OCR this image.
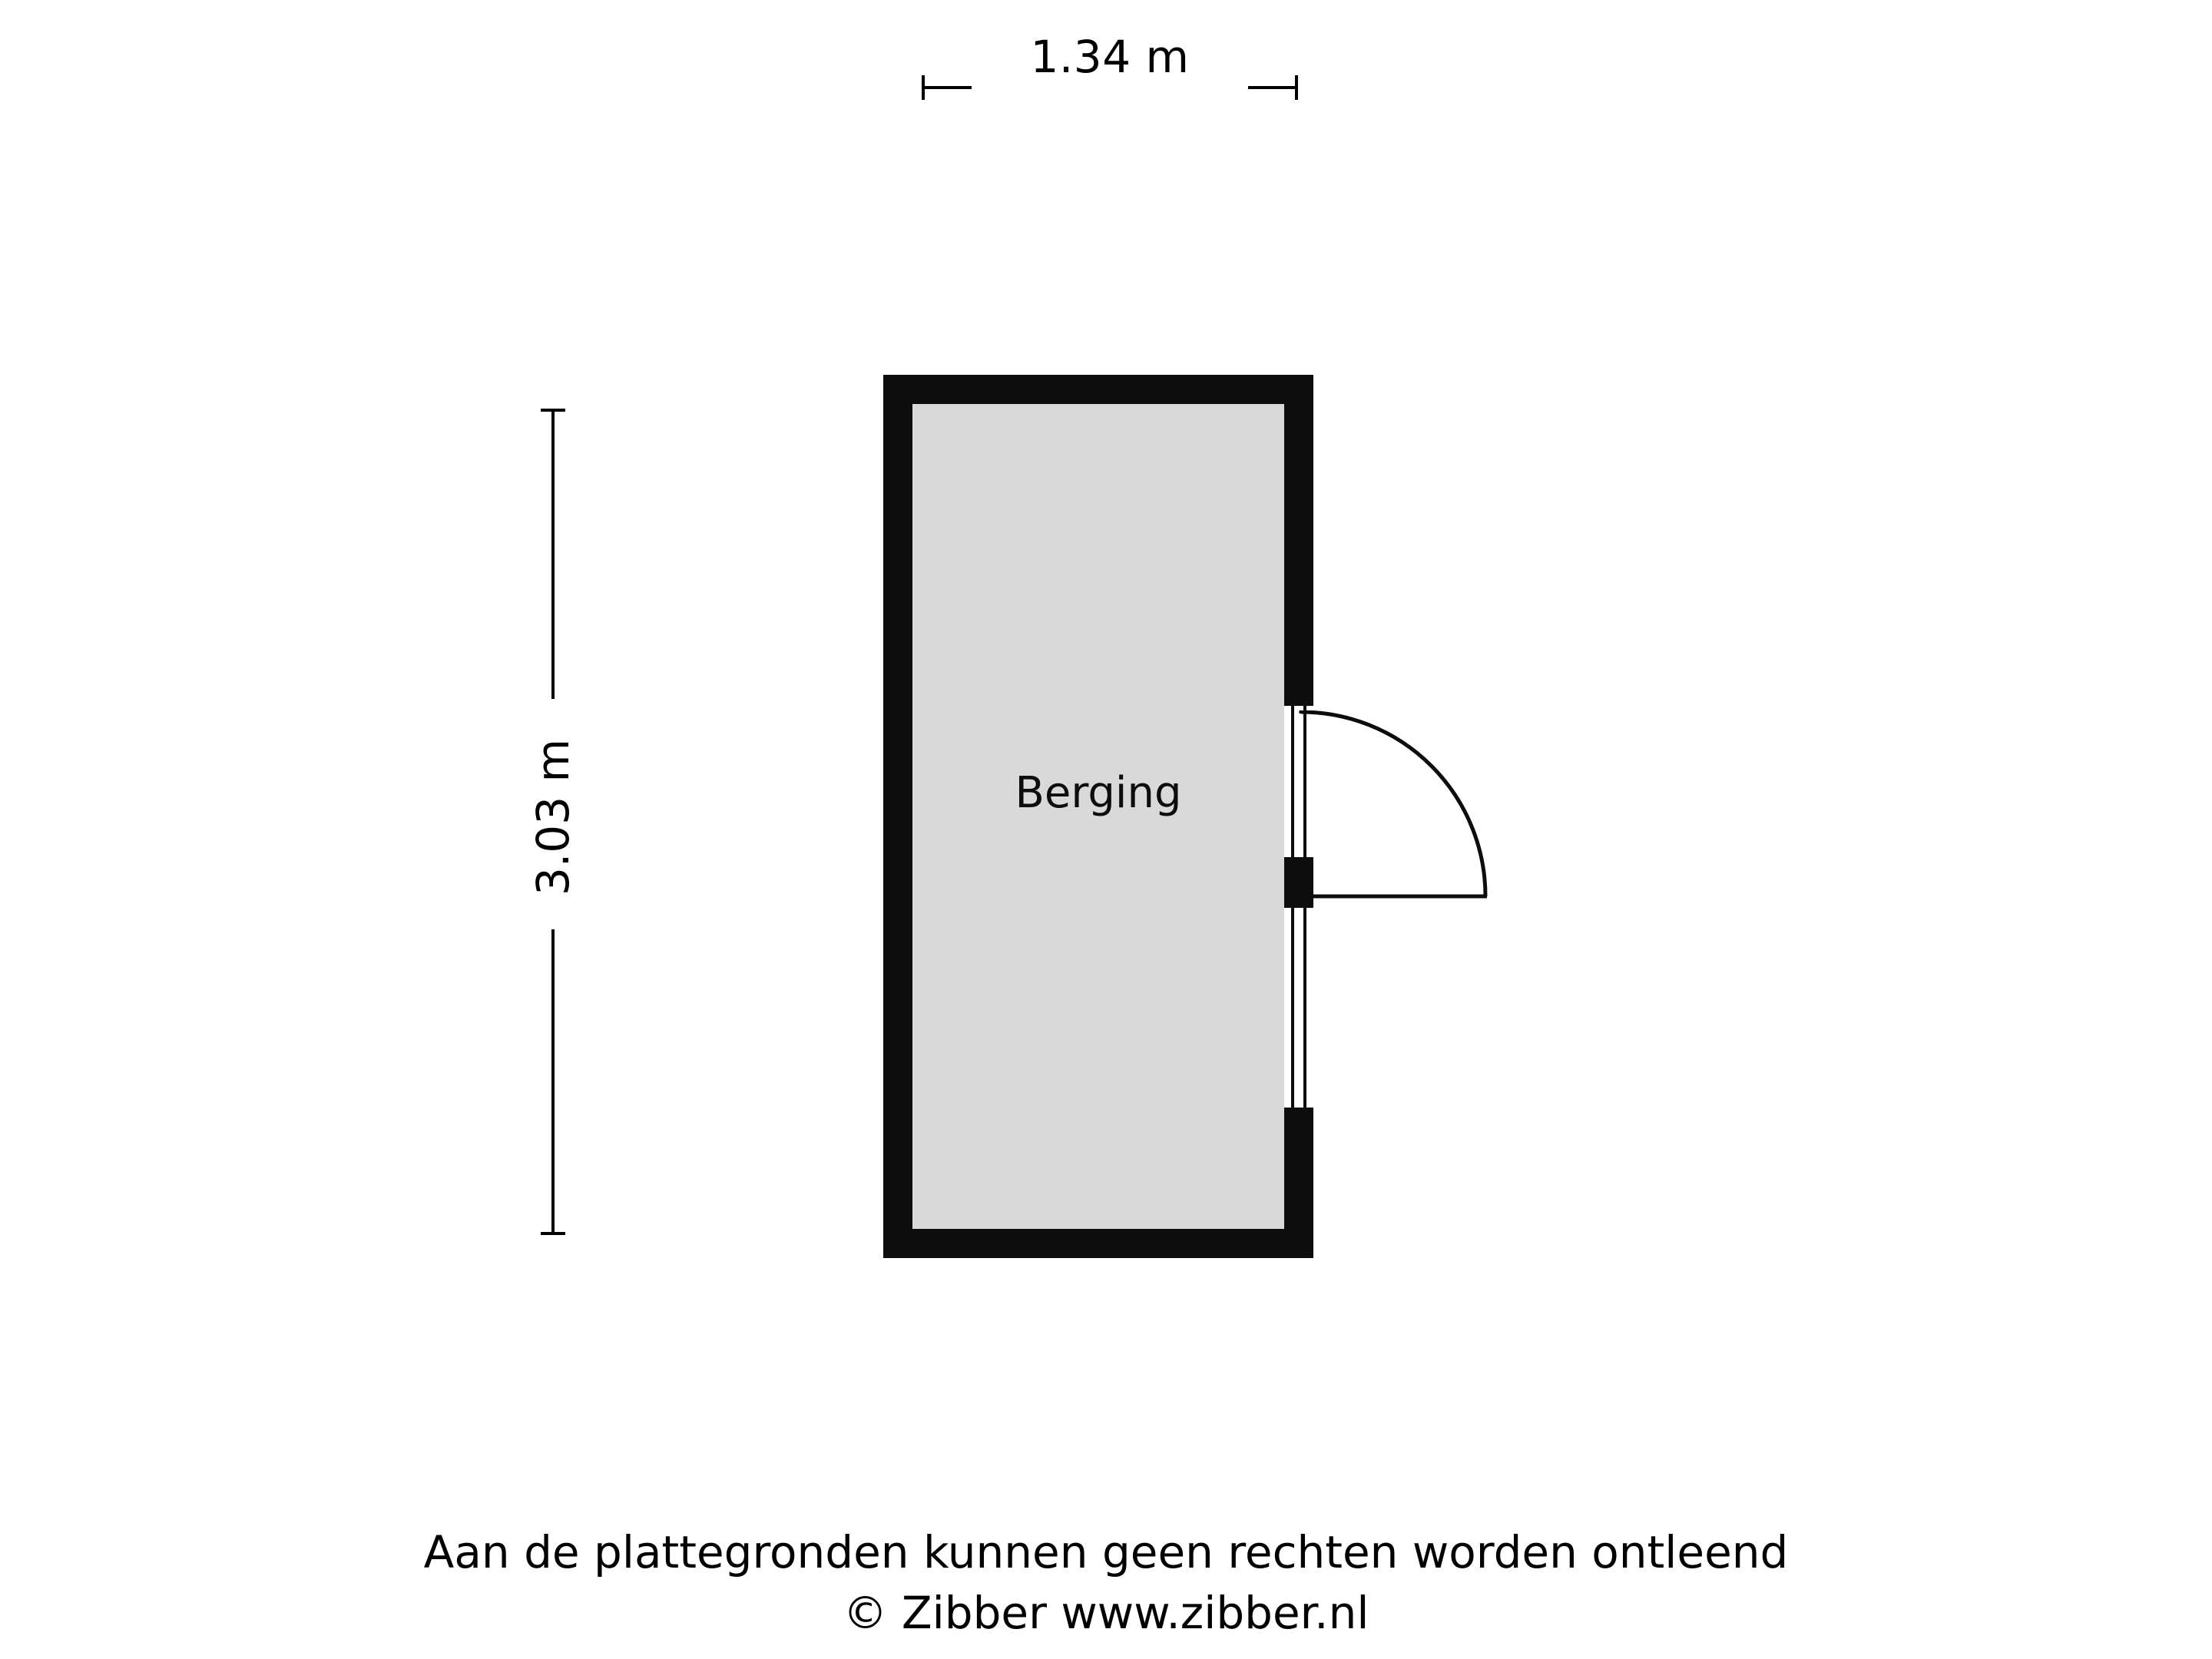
1.34 m
3.03 m	Berging
Aan de plattegronden kunnen geen rechten worden ontleend
© Zibber www.zibber.nl
